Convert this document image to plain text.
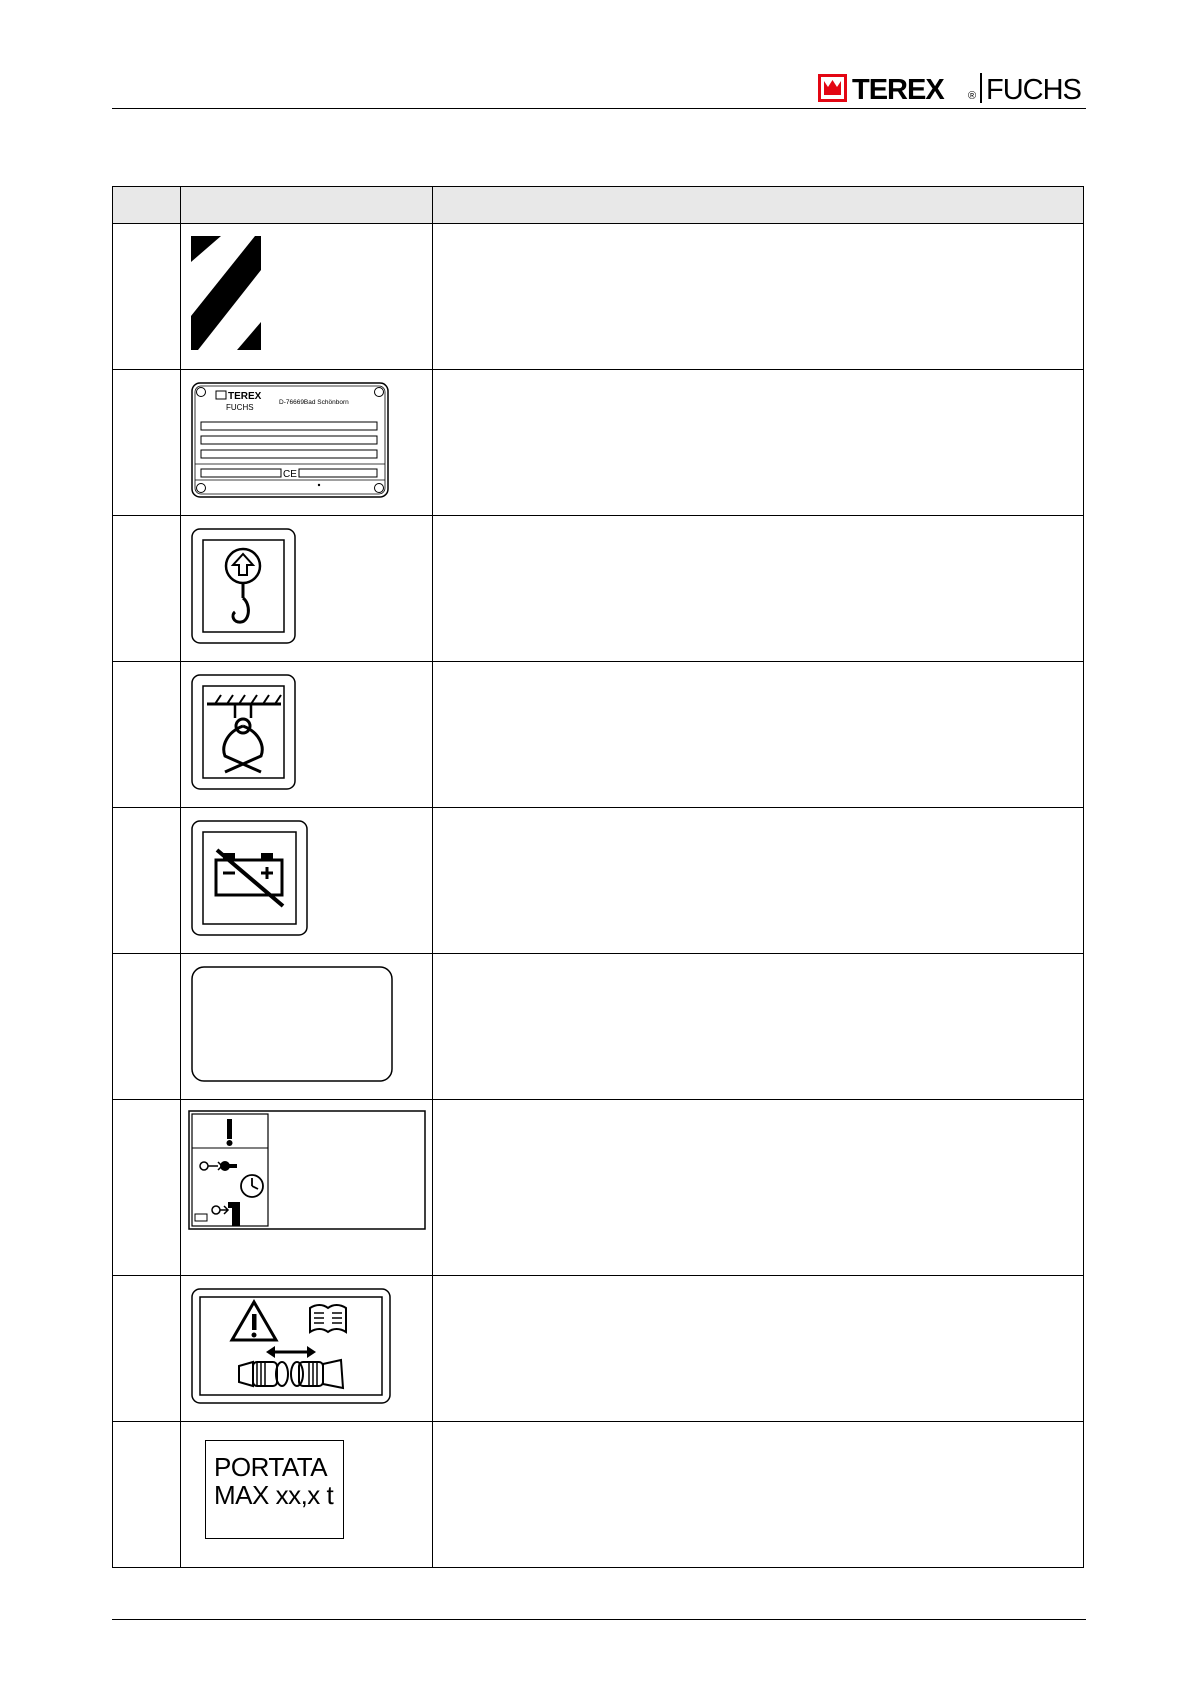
TEREX ® FUCHS

TEREX
FUCHS
D-76669Bad Schönborn
CE	

	PORTATA
MAX xx,x t	
